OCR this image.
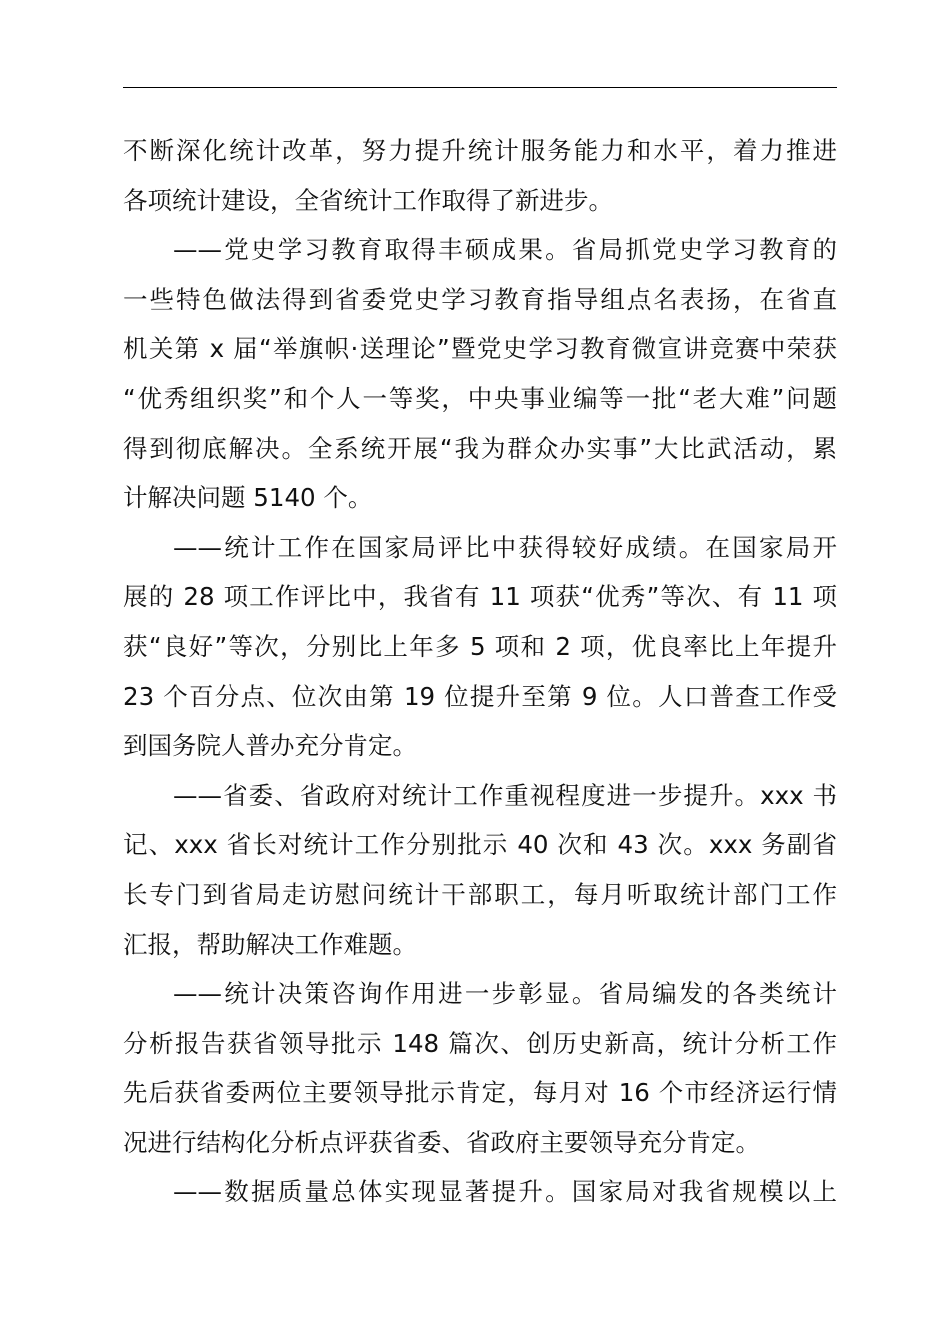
不断深化统计改革，努力提升统计服务能力和水平，着力推进
各项统计建设，全省统计工作取得了新进步。
——党史学习教育取得丰硕成果。省局抓党史学习教育的
一些特色做法得到省委党史学习教育指导组点名表扬，在省直
机关第 x 届“举旗帜·送理论”暨党史学习教育微宣讲竞赛中荣获
“优秀组织奖”和个人一等奖，中央事业编等一批“老大难”问题
得到彻底解决。全系统开展“我为群众办实事”大比武活动，累
计解决问题 5140 个。
——统计工作在国家局评比中获得较好成绩。在国家局开
展的 28 项工作评比中，我省有 11 项获“优秀”等次、有 11 项
获“良好”等次，分别比上年多 5 项和 2 项，优良率比上年提升
23 个百分点、位次由第 19 位提升至第 9 位。人口普查工作受
到国务院人普办充分肯定。
——省委、省政府对统计工作重视程度进一步提升。xxx 书
记、xxx 省长对统计工作分别批示 40 次和 43 次。xxx 务副省
长专门到省局走访慰问统计干部职工，每月听取统计部门工作
汇报，帮助解决工作难题。
——统计决策咨询作用进一步彰显。省局编发的各类统计
分析报告获省领导批示 148 篇次、创历史新高，统计分析工作
先后获省委两位主要领导批示肯定，每月对 16 个市经济运行情
况进行结构化分析点评获省委、省政府主要领导充分肯定。
——数据质量总体实现显著提升。国家局对我省规模以上
